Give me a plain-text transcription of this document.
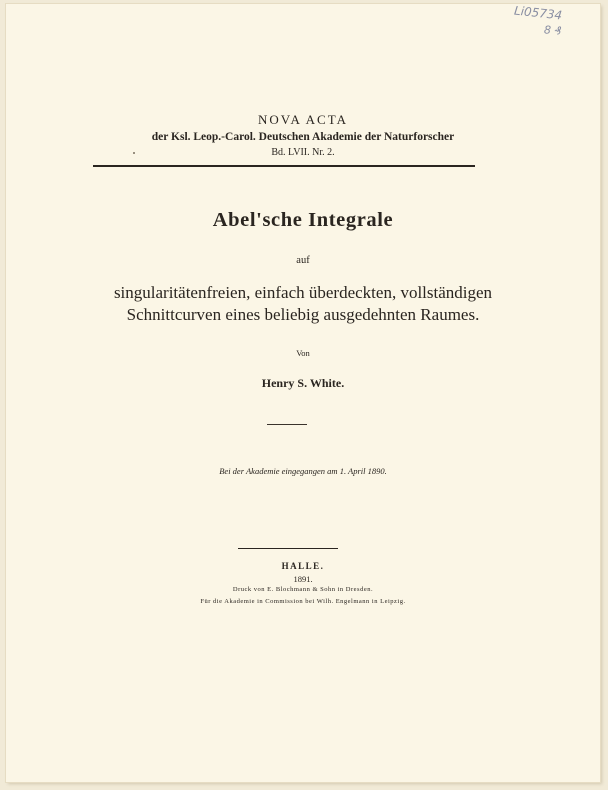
Li05734
8 ₰
NOVA ACTA
der Ksl. Leop.-Carol. Deutschen Akademie der Naturforscher
Bd. LVII. Nr. 2.
Abel'sche Integrale
auf
singularitätenfreien, einfach überdeckten, vollständigen
Schnittcurven eines beliebig ausgedehnten Raumes.
Von
Henry S. White.
Bei der Akademie eingegangen am 1. April 1890.
HALLE.
1891.
Druck von E. Blochmann & Sohn in Dresden.
Für die Akademie in Commission bei Wilh. Engelmann in Leipzig.
